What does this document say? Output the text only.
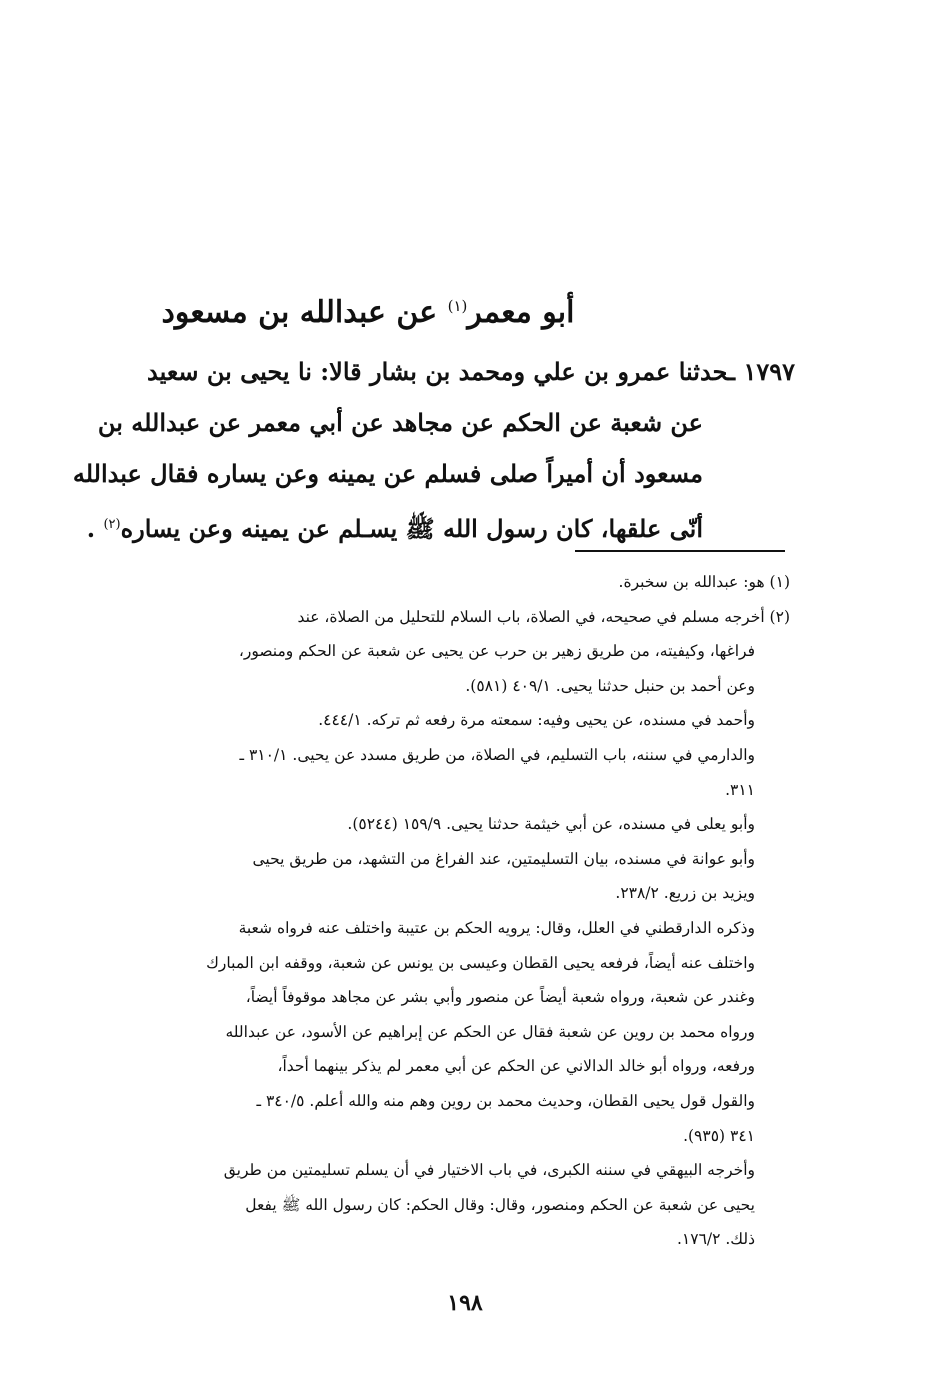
أبو معمر$^{(١)}$ عن عبدالله بن مسعود
١٧٩٧ ـحدثنا عمرو بن علي ومحمد بن بشار قالا: نا يحيى بن سعيد
عن شعبة عن الحكم عن مجاهد عن أبي معمر عن عبدالله بن
مسعود أن أميراً صلى فسلم عن يمينه وعن يساره فقال عبدالله
أنّى علقها، كان رسول الله ﷺ يسـلم عن يمينه وعن يساره$^{(٢)}$ .
(١) هو: عبدالله بن سخبرة.
(٢) أخرجه مسلم في صحيحه، في الصلاة، باب السلام للتحليل من الصلاة، عند
فراغها، وكيفيته، من طريق زهير بن حرب عن يحيى عن شعبة عن الحكم ومنصور،
وعن أحمد بن حنبل حدثنا يحيى. ٤٠٩/١ (٥٨١).
وأحمد في مسنده، عن يحيى وفيه: سمعته مرة رفعه ثم تركه. ٤٤٤/١.
والدارمي في سننه، باب التسليم، في الصلاة، من طريق مسدد عن يحيى. ٣١٠/١ ـ
٣١١.
وأبو يعلى في مسنده، عن أبي خيثمة حدثنا يحيى. ١٥٩/٩ (٥٢٤٤).
وأبو عوانة في مسنده، بيان التسليمتين، عند الفراغ من التشهد، من طريق يحيى
ويزيد بن زريع. ٢٣٨/٢.
وذكره الدارقطني في العلل، وقال: يرويه الحكم بن عتيبة واختلف عنه فرواه شعبة
واختلف عنه أيضاً، فرفعه يحيى القطان وعيسى بن يونس عن شعبة، ووقفه ابن المبارك
وغندر عن شعبة، ورواه شعبة أيضاً عن منصور وأبي بشر عن مجاهد موقوفاً أيضاً،
ورواه محمد بن روين عن شعبة فقال عن الحكم عن إبراهيم عن الأسود، عن عبدالله
ورفعه، ورواه أبو خالد الدالاني عن الحكم عن أبي معمر لم يذكر بينهما أحداً،
والقول قول يحيى القطان، وحديث محمد بن روين وهم منه والله أعلم. ٣٤٠/٥ ـ
٣٤١ (٩٣٥).
وأخرجه البيهقي في سننه الكبرى، في باب الاختيار في أن يسلم تسليمتين من طريق
يحيى عن شعبة عن الحكم ومنصور، وقال: وقال الحكم: كان رسول الله ﷺ يفعل
ذلك. ١٧٦/٢.
١٩٨
